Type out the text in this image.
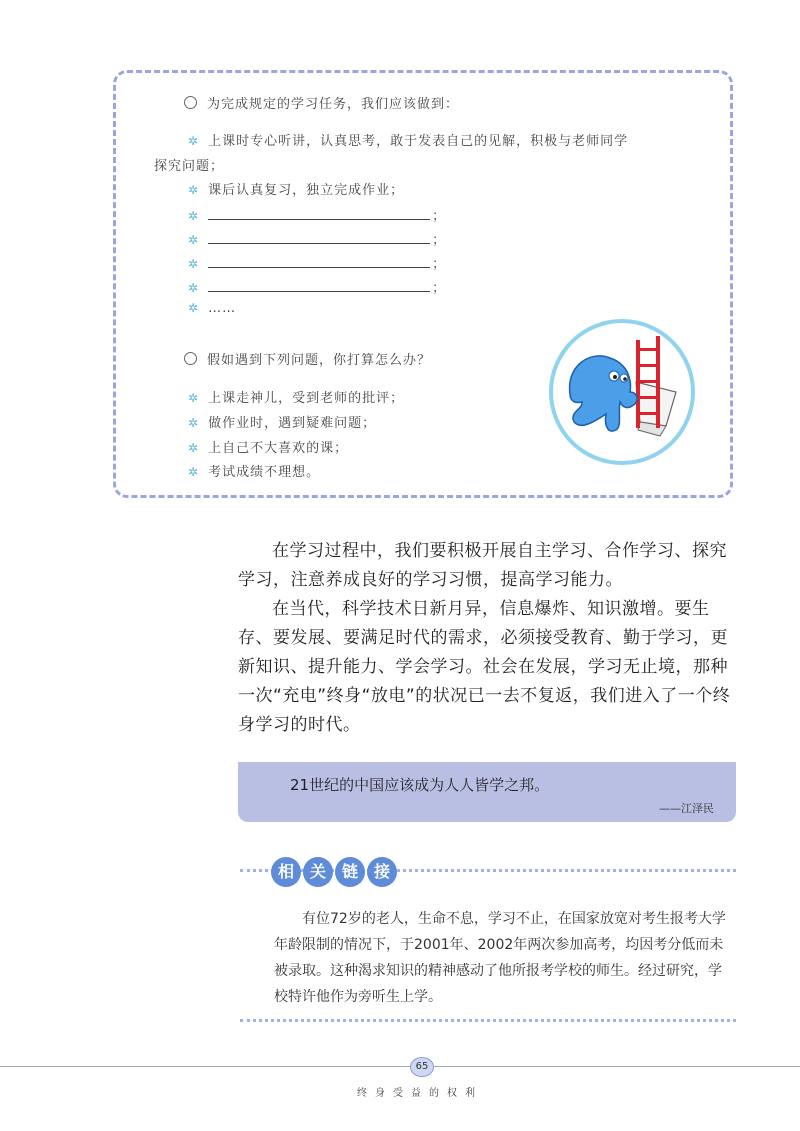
为完成规定的学习任务，我们应该做到：
✲ 上课时专心听讲，认真思考，敢于发表自己的见解，积极与老师同学
探究问题；
✲ 课后认真复习，独立完成作业；
✲	；
✲	；
✲	；
✲	；
✲ ……
假如遇到下列问题，你打算怎么办？
✲ 上课走神儿，受到老师的批评；
✲ 做作业时，遇到疑难问题；
✲ 上自己不大喜欢的课；
✲ 考试成绩不理想。
在学习过程中，我们要积极开展自主学习、合作学习、探究学习，注意养成良好的学习习惯，提高学习能力。
在当代，科学技术日新月异，信息爆炸、知识激增。要生存、要发展、要满足时代的需求，必须接受教育、勤于学习，更新知识、提升能力、学会学习。社会在发展，学习无止境，那种一次“充电”终身“放电”的状况已一去不复返，我们进入了一个终身学习的时代。
21世纪的中国应该成为人人皆学之邦。
——江泽民
相 关 链 接
有位72岁的老人，生命不息，学习不止，在国家放宽对考生报考大学年龄限制的情况下，于2001年、2002年两次参加高考，均因考分低而未被录取。这种渴求知识的精神感动了他所报考学校的师生。经过研究，学校特许他作为旁听生上学。
65
终身受益的权利
